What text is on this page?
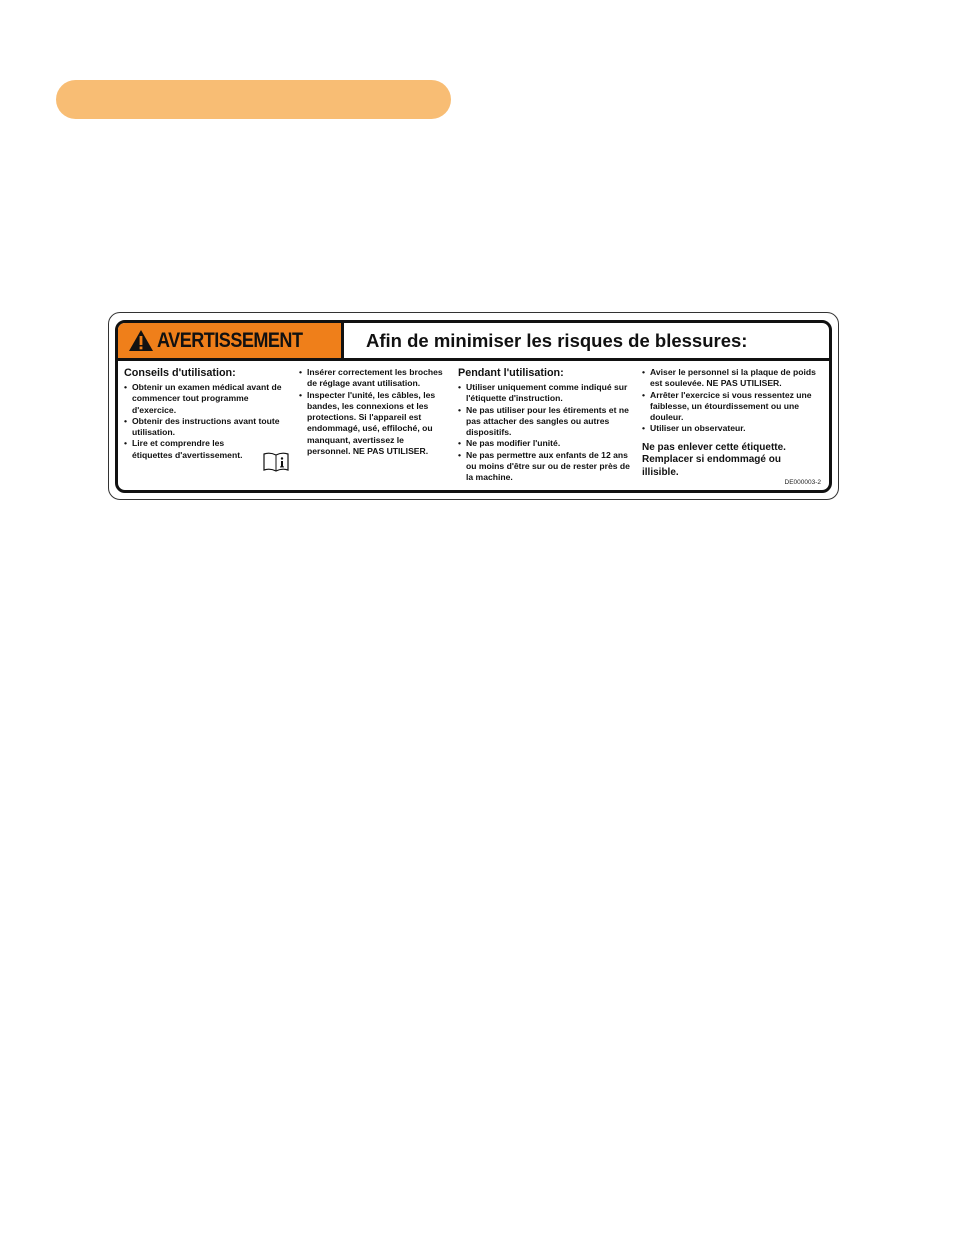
AVERTISSEMENT	Afin de minimiser les risques de blessures:
Conseils d'utilisation:
• Obtenir un examen médical avant de commencer tout programme d'exercice.
• Obtenir des instructions avant toute utilisation.
• Lire et comprendre les étiquettes d'avertissement.
• Insérer correctement les broches de réglage avant utilisation.
• Inspecter l'unité, les câbles, les bandes, les connexions et les protections. Si l'appareil est endommagé, usé, effiloché, ou manquant, avertissez le personnel. NE PAS UTILISER.
Pendant l'utilisation:
• Utiliser uniquement comme indiqué sur l'étiquette d'instruction.
• Ne pas utiliser pour les étirements et ne pas attacher des sangles ou autres dispositifs.
• Ne pas modifier l'unité.
• Ne pas permettre aux enfants de 12 ans ou moins d'être sur ou de rester près de la machine.
• Aviser le personnel si la plaque de poids est soulevée. NE PAS UTILISER.
• Arrêter l'exercice si vous ressentez une faiblesse, un étourdissement ou une douleur.
• Utiliser un observateur.
Ne pas enlever cette étiquette. Remplacer si endommagé ou illisible.
DE000003-2
